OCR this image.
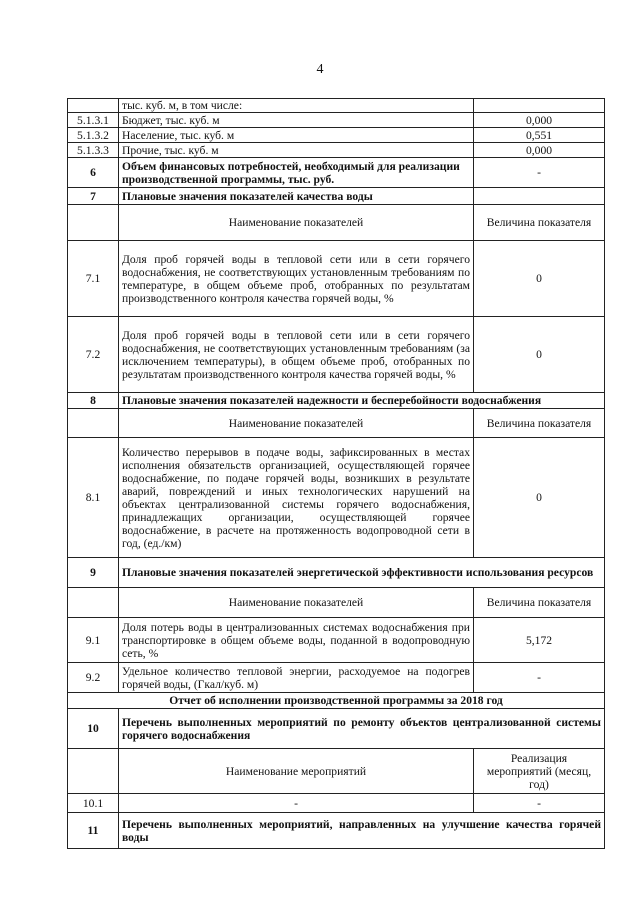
4
	тыс. куб. м, в том числе:	
5.1.3.1	Бюджет, тыс. куб. м	0,000
5.1.3.2	Население, тыс. куб. м	0,551
5.1.3.3	Прочие, тыс. куб. м	0,000
6	Объем финансовых потребностей, необходимый для реализации производственной программы, тыс. руб.	-
7	Плановые значения показателей качества воды	
	Наименование показателей	Величина показателя
7.1	Доля проб горячей воды в тепловой сети или в сети горячего водоснабжения, не соответствующих установленным требованиям по температуре, в общем объеме проб, отобранных по результатам производственного контроля качества горячей воды, %	0
7.2	Доля проб горячей воды в тепловой сети или в сети горячего водоснабжения, не соответствующих установленным требованиям (за исключением температуры), в общем объеме проб, отобранных по результатам производственного контроля качества горячей воды, %	0
8	Плановые значения показателей надежности и бесперебойности водоснабжения	
	Наименование показателей	Величина показателя
8.1	Количество перерывов в подаче воды, зафиксированных в местах исполнения обязательств организацией, осуществляющей горячее водоснабжение, по подаче горячей воды, возникших в результате аварий, повреждений и иных технологических нарушений на объектах централизованной системы горячего водоснабжения, принадлежащих организации, осуществляющей горячее водоснабжение, в расчете на протяженность водопроводной сети в год, (ед./км)	0
9	Плановые значения показателей энергетической эффективности использования ресурсов	
	Наименование показателей	Величина показателя
9.1	Доля потерь воды в централизованных системах водоснабжения при транспортировке в общем объеме воды, поданной в водопроводную сеть, %	5,172
9.2	Удельное количество тепловой энергии, расходуемое на подогрев горячей воды, (Гкал/куб. м)	-
Отчет об исполнении производственной программы за 2018 год		
10	Перечень выполненных мероприятий по ремонту объектов централизованной системы горячего водоснабжения	
	Наименование мероприятий	Реализация мероприятий (месяц, год)
10.1	-	-
11	Перечень выполненных мероприятий, направленных на улучшение качества горячей воды	
